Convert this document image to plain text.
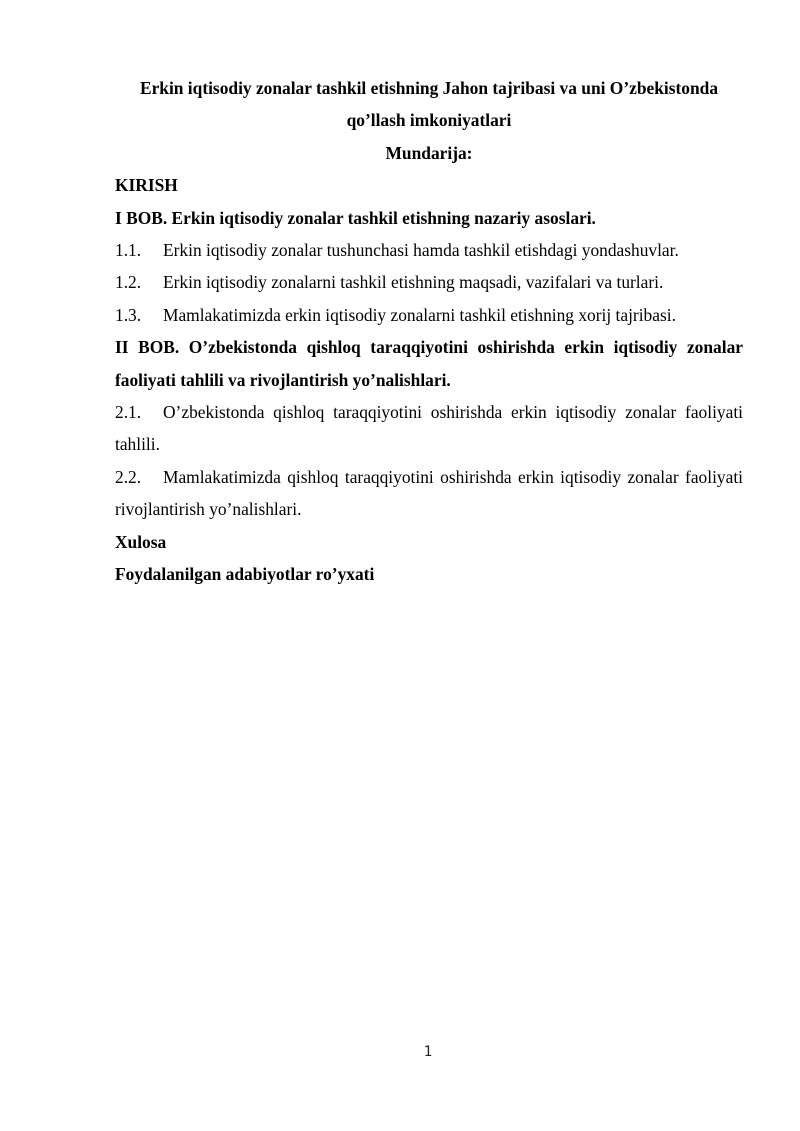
Erkin iqtisodiy zonalar tashkil etishning Jahon tajribasi va uni O’zbekistonda qo’llash imkoniyatlari

Mundarija:

KIRISH

I BOB. Erkin iqtisodiy zonalar tashkil etishning nazariy asoslari.

1.1.	Erkin iqtisodiy zonalar tushunchasi hamda tashkil etishdagi yondashuvlar.

1.2.	Erkin iqtisodiy zonalarni tashkil etishning maqsadi, vazifalari va turlari.

1.3.	Mamlakatimizda erkin iqtisodiy zonalarni tashkil etishning xorij tajribasi.

II BOB. O’zbekistonda qishloq taraqqiyotini oshirishda erkin iqtisodiy zonalar faoliyati tahlili va rivojlantirish yo’nalishlari.

2.1. O’zbekistonda qishloq taraqqiyotini oshirishda erkin iqtisodiy zonalar faoliyati tahlili.

2.2. Mamlakatimizda qishloq taraqqiyotini oshirishda erkin iqtisodiy zonalar faoliyati rivojlantirish yo’nalishlari.

Xulosa

Foydalanilgan adabiyotlar ro’yxati

1
